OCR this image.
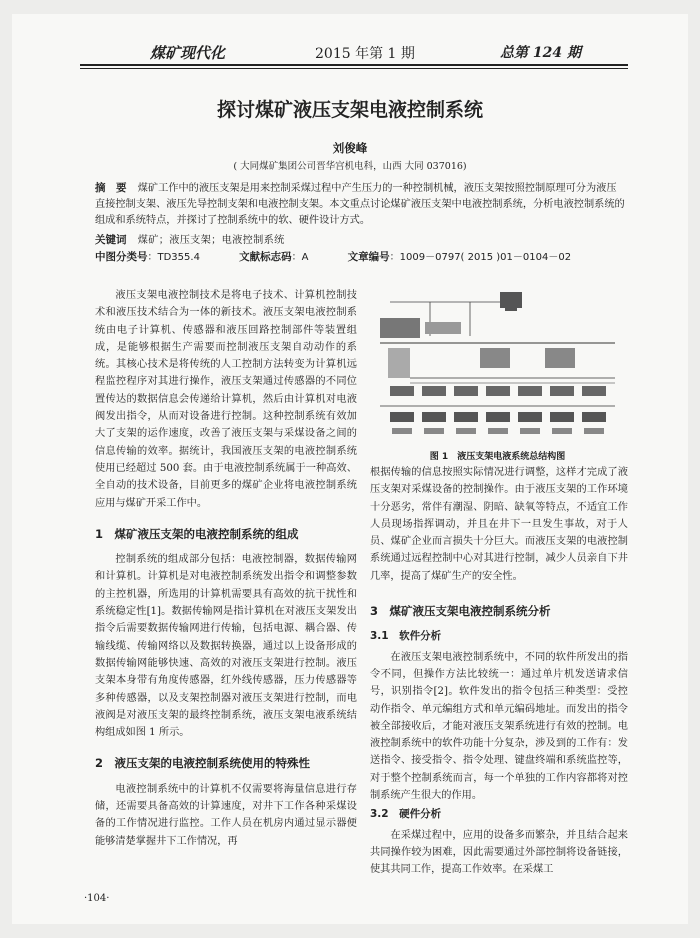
煤矿现代化	2015 年第 1 期	总第 124 期
探讨煤矿液压支架电液控制系统
刘俊峰
( 大同煤矿集团公司晋华宫机电科，山西 大同 037016)
摘　要 煤矿工作中的液压支架是用来控制采煤过程中产生压力的一种控制机械，液压支架按照控制原理可分为液压直接控制支架、液压先导控制支架和电液控制支架。本文重点讨论煤矿液压支架中电液控制系统，分析电液控制系统的组成和系统特点，并探讨了控制系统中的软、硬件设计方式。
关键词 煤矿；液压支架；电液控制系统
中图分类号：TD355.4	文献标志码：A	文章编号：1009－0797( 2015 )01－0104－02

液压支架电液控制技术是将电子技术、计算机控制技术和液压技术结合为一体的新技术。液压支架电液控制系统由电子计算机、传感器和液压回路控制部件等装置组成，是能够根据生产需要而控制液压支架自动动作的系统。其核心技术是将传统的人工控制方法转变为计算机远程监控程序对其进行操作，液压支架通过传感器的不同位置传达的数据信息会传递给计算机，然后由计算机对电液阀发出指令，从而对设备进行控制。这种控制系统有效加大了支架的运作速度，改善了液压支架与采煤设备之间的信息传输的效率。据统计，我国液压支架的电液控制系统使用已经超过 500 套。由于电液控制系统属于一种高效、全自动的技术设备，目前更多的煤矿企业将电液控制系统应用与煤矿开采工作中。

1　煤矿液压支架的电液控制系统的组成

控制系统的组成部分包括：电液控制器，数据传输网和计算机。计算机是对电液控制系统发出指令和调整参数的主控机器，所选用的计算机需要具有高效的抗干扰性和系统稳定性[1]。数据传输网是指计算机在对液压支架发出指令后需要数据传输网进行传输，包括电源、耦合器、传输线缆、传输网络以及数据转换器，通过以上设备形成的数据传输网能够快速、高效的对液压支架进行控制。液压支架本身带有角度传感器，红外线传感器，压力传感器等多种传感器，以及支架控制器对液压支架进行控制，而电液阀是对液压支架的最终控制系统，液压支架电液系统结构组成如图 1 所示。

2　液压支架的电液控制系统使用的特殊性

电液控制系统中的计算机不仅需要将海量信息进行存储，还需要具备高效的计算速度，对井下工作各种采煤设备的工作情况进行监控。工作人员在机房内通过显示器便能够清楚掌握井下工作情况，再

图 1　液压支架电液系统总结构图

根据传输的信息按照实际情况进行调整，这样才完成了液压支架对采煤设备的控制操作。由于液压支架的工作环境十分恶劣，常伴有潮湿、阴暗、缺氧等特点，不适宜工作人员现场指挥调动，并且在井下一旦发生事故，对于人员、煤矿企业而言损失十分巨大。而液压支架的电液控制系统通过远程控制中心对其进行控制，减少人员亲自下井几率，提高了煤矿生产的安全性。

3　煤矿液压支架电液控制系统分析
3.1　软件分析

在液压支架电液控制系统中，不同的软件所发出的指令不同，但操作方法比较统一：通过单片机发送请求信号，识别指令[2]。软件发出的指令包括三种类型：受控动作指令、单元编组方式和单元编码地址。而发出的指令被全部接收后，才能对液压支架系统进行有效的控制。电液控制系统中的软件功能十分复杂，涉及到的工作有：发送指令、接受指令、指令处理、键盘终端和系统监控等，对于整个控制系统而言，每一个单独的工作内容都将对控制系统产生很大的作用。

3.2　硬件分析

在采煤过程中，应用的设备多而繁杂，并且结合起来共同操作较为困难，因此需要通过外部控制将设备链接，使其共同工作，提高工作效率。在采煤工

·104·
